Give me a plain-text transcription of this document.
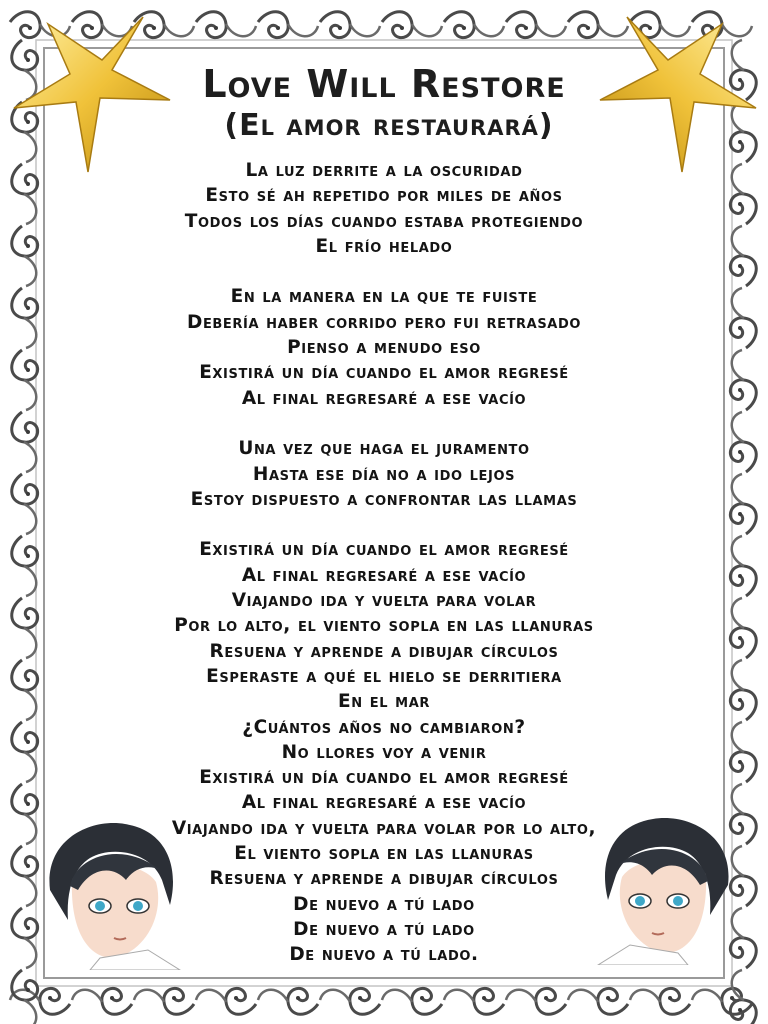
Love Will Restore
(El amor restaurará)
La luz derrite a la oscuridad
Esto sé ah repetido por miles de años
Todos los días cuando estaba protegiendo
El frío helado
En la manera en la que te fuiste
Debería haber corrido pero fui retrasado
Pienso a menudo eso
Existirá un día cuando el amor regresé
Al final regresaré a ese vacío
Una vez que haga el juramento
Hasta ese día no a ido lejos
Estoy dispuesto a confrontar las llamas
Existirá un día cuando el amor regresé
Al final regresaré a ese vacío
Viajando ida y vuelta para volar
Por lo alto, el viento sopla en las llanuras
Resuena y aprende a dibujar círculos
Esperaste a qué el hielo se derritiera
En el mar
¿Cuántos años no cambiaron?
No llores voy a venir
Existirá un día cuando el amor regresé
Al final regresaré a ese vacío
Viajando ida y vuelta para volar por lo alto,
El viento sopla en las llanuras
Resuena y aprende a dibujar círculos
De nuevo a tú lado
De nuevo a tú lado
De nuevo a tú lado.
